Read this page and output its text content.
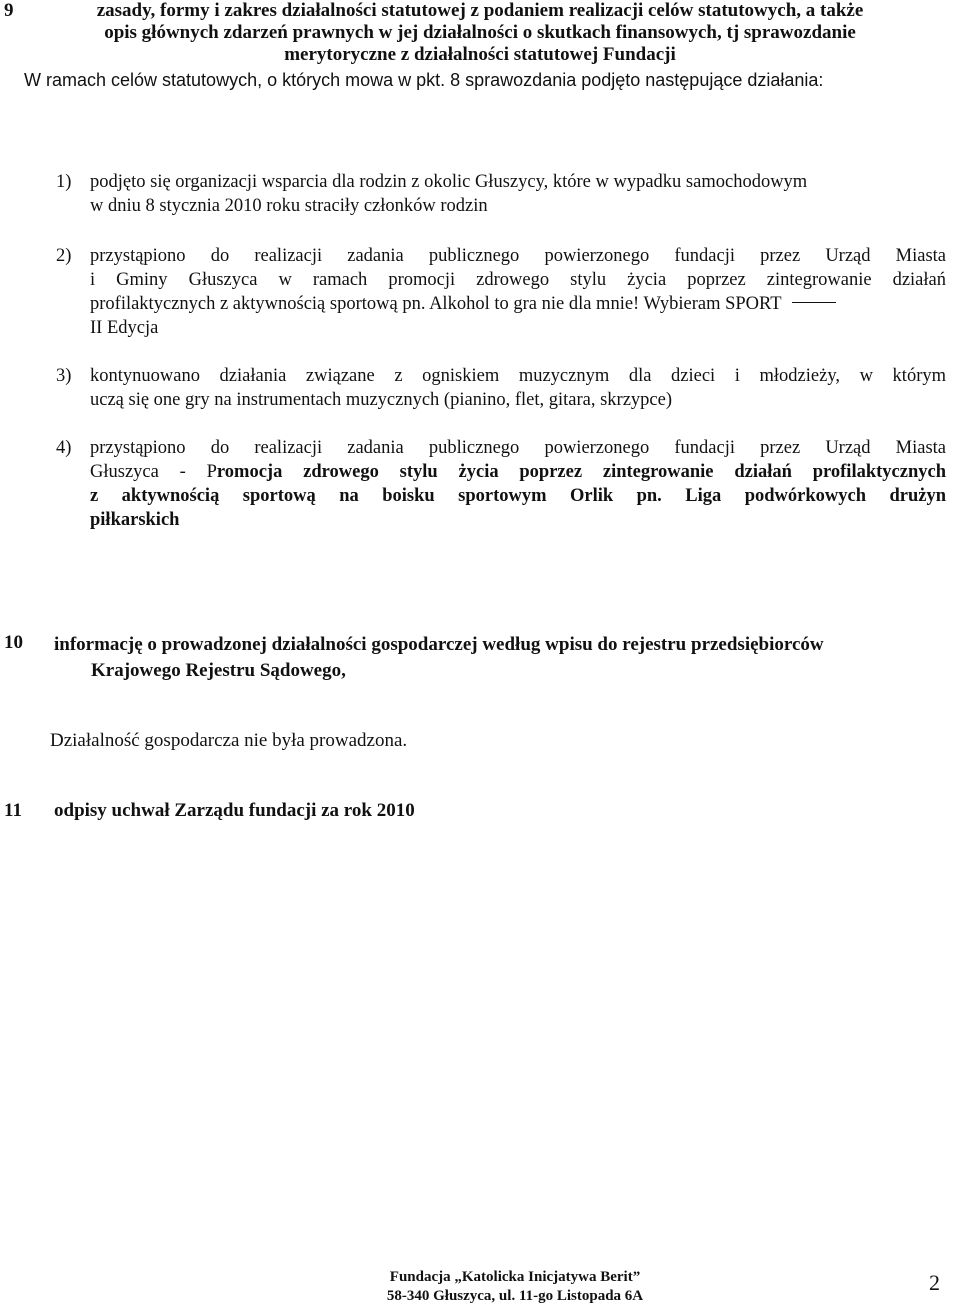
9	zasady, formy i zakres działalności statutowej z podaniem realizacji celów statutowych, a także
opis głównych zdarzeń prawnych w jej działalności o skutkach finansowych, tj sprawozdanie
merytoryczne z działalności statutowej Fundacji
W ramach celów statutowych, o których mowa w pkt. 8 sprawozdania podjęto następujące działania:
1) podjęto się organizacji wsparcia dla rodzin z okolic Głuszycy, które w wypadku samochodowym
w dniu 8 stycznia 2010 roku straciły członków rodzin
2) przystąpiono do realizacji zadania publicznego powierzonego fundacji przez Urząd Miasta
i Gminy Głuszyca w ramach promocji zdrowego stylu życia poprzez zintegrowanie działań
profilaktycznych z aktywnością sportową pn. Alkohol to gra nie dla mnie! Wybieram SPORT
II Edycja
3) kontynuowano działania związane z ogniskiem muzycznym dla dzieci i młodzieży, w którym
uczą się one gry na instrumentach muzycznych (pianino, flet, gitara, skrzypce)
4) przystąpiono do realizacji zadania publicznego powierzonego fundacji przez Urząd Miasta
Głuszyca - Promocja zdrowego stylu życia poprzez zintegrowanie działań profilaktycznych
z aktywnością sportową na boisku sportowym Orlik pn. Liga podwórkowych drużyn
piłkarskich
10 informację o prowadzonej działalności gospodarczej według wpisu do rejestru przedsiębiorców
Krajowego Rejestru Sądowego,
Działalność gospodarcza nie była prowadzona.
11 odpisy uchwał Zarządu fundacji za rok 2010
Fundacja „Katolicka Inicjatywa Berit”
58-340 Głuszyca, ul. 11-go Listopada 6A
2
